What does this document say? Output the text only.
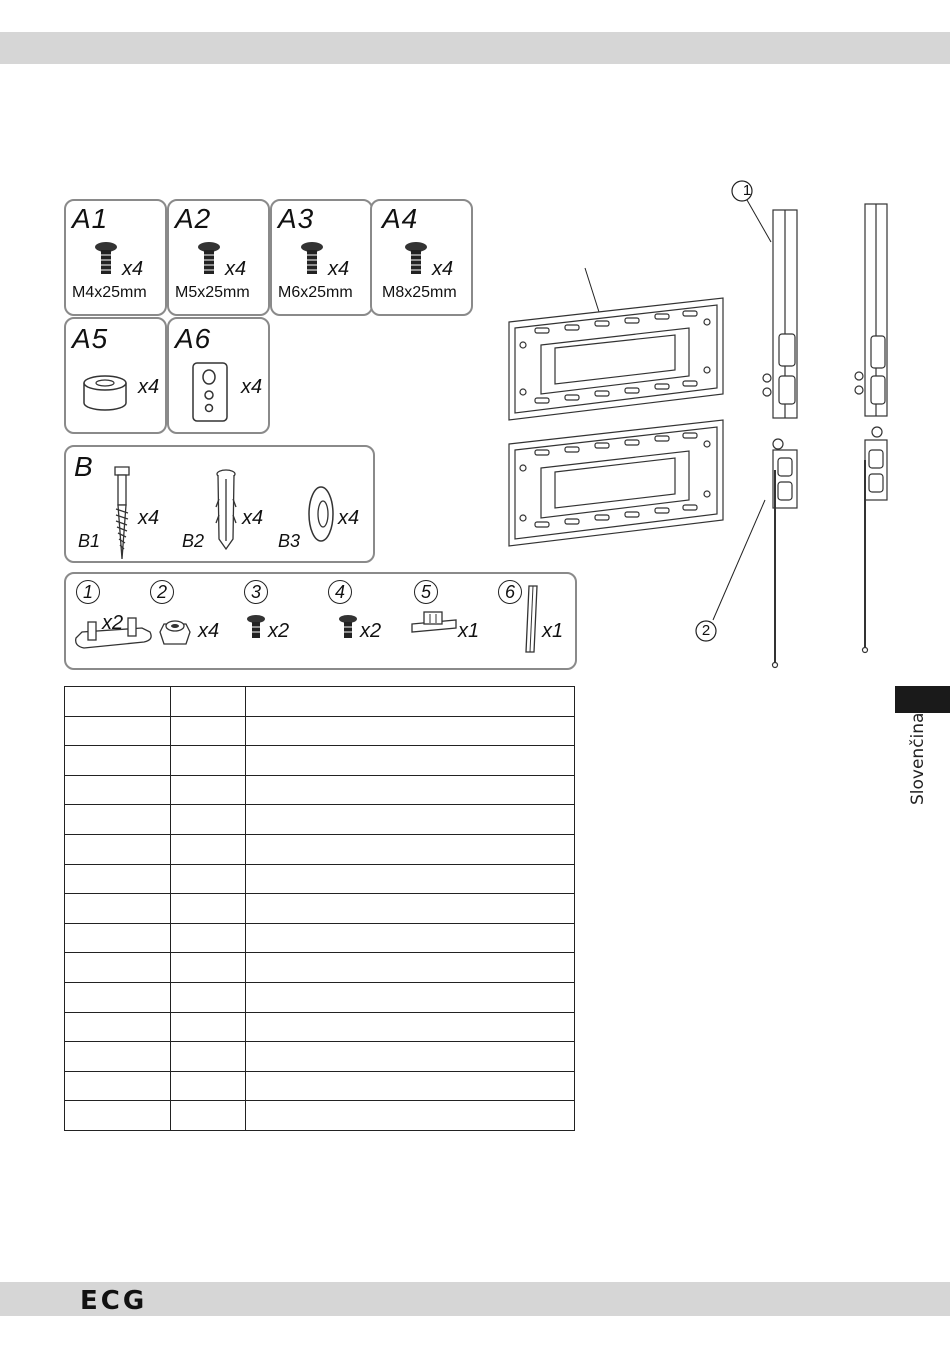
A1
x4
M4x25mm
A2
x4
M5x25mm
A3
x4
M6x25mm
A4
x4
M8x25mm
A5
x4
A6
x4
B
B1
x4
B2
x4
B3
x4
1
x2
2
x4
3
x2
4
x2
5
x1
6
x1
1
2

Slovenčina
ECG
